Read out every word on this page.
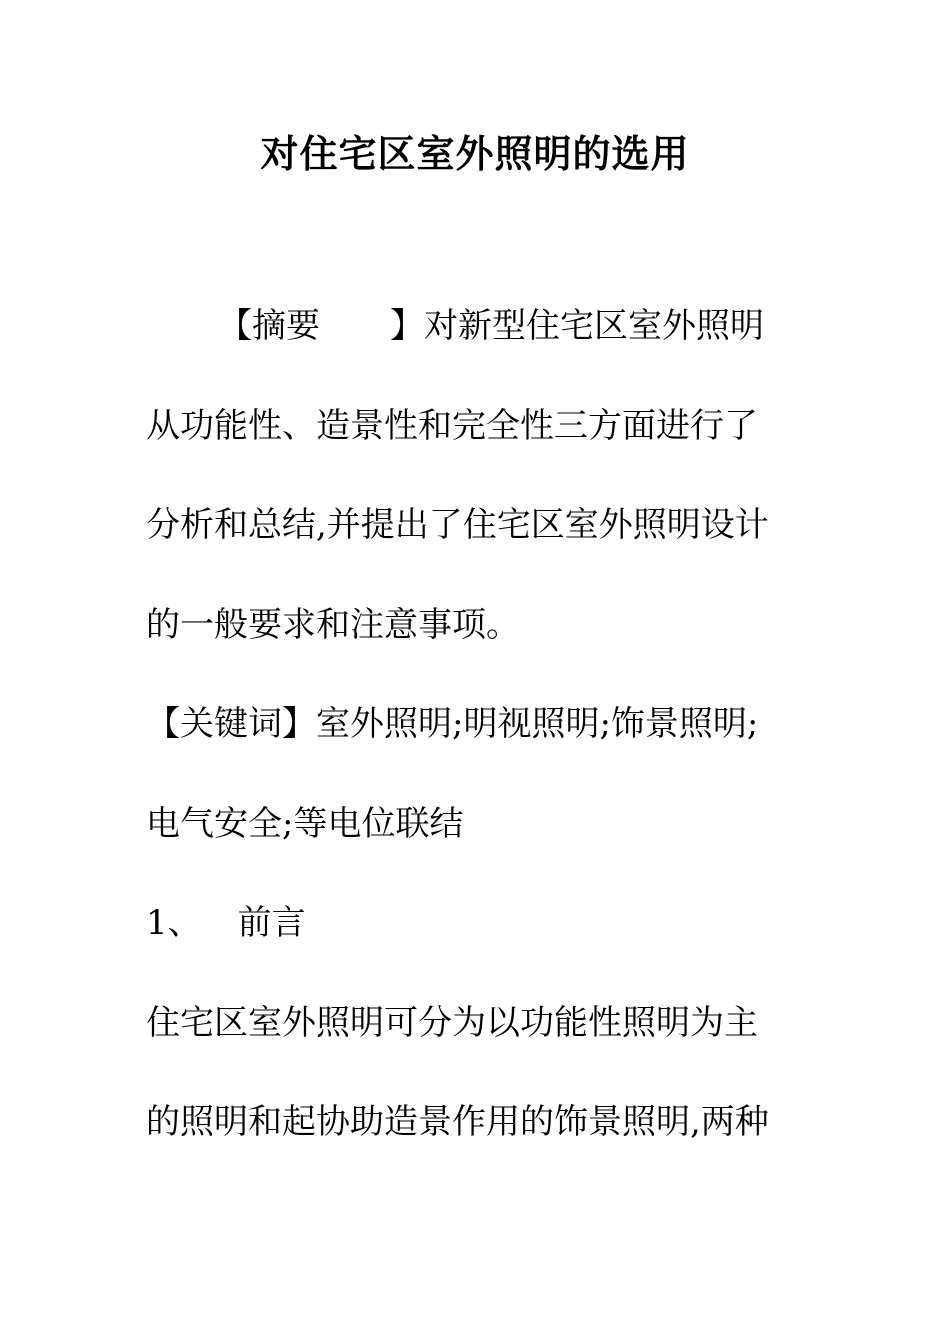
对住宅区室外照明的选用
【摘要 】对新型住宅区室外照明
从功能性、造景性和完全性三方面进行了
分析和总结,并提出了住宅区室外照明设计
的一般要求和注意事项。
【关键词】室外照明;明视照明;饰景照明;
电气安全;等电位联结
1、 前言
住宅区室外照明可分为以功能性照明为主
的照明和起协助造景作用的饰景照明,两种
